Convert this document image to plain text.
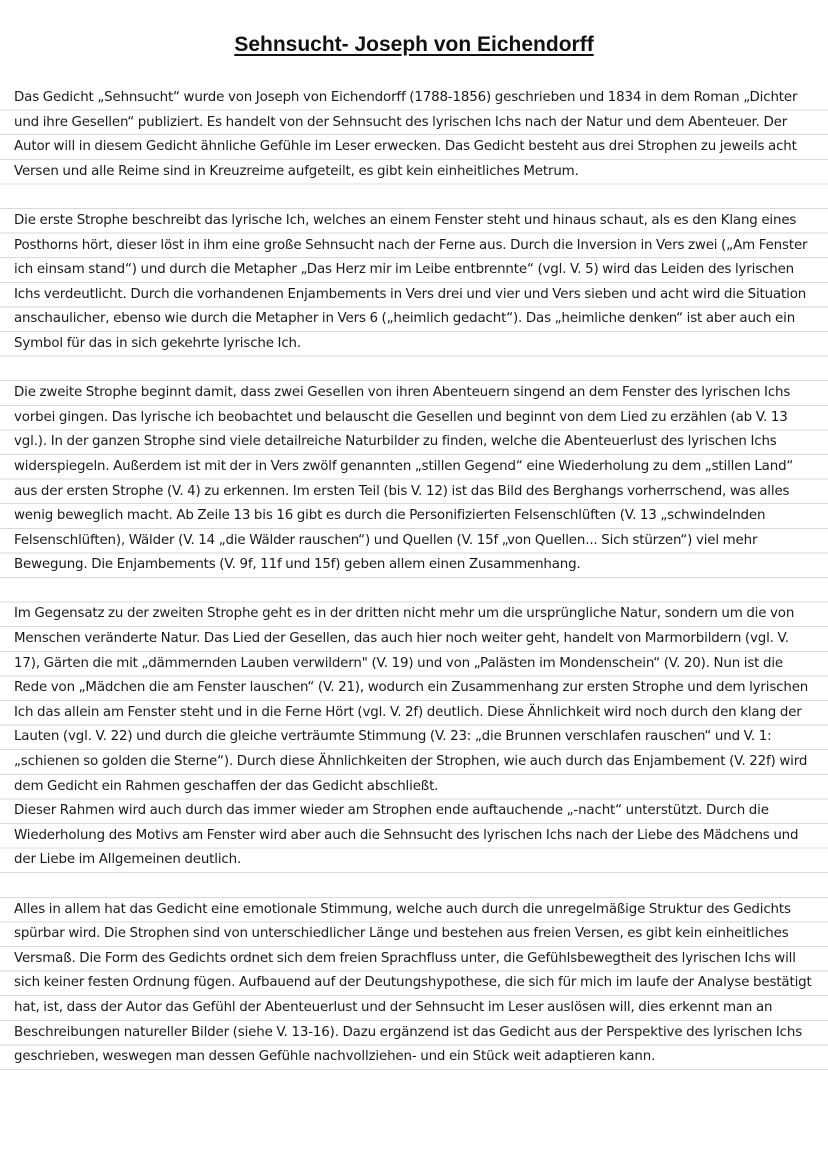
Sehnsucht- Joseph von Eichendorff

Das Gedicht „Sehnsucht“ wurde von Joseph von Eichendorff (1788-1856) geschrieben und 1834 in dem Roman „Dichter und ihre Gesellen“ publiziert. Es handelt von der Sehnsucht des lyrischen Ichs nach der Natur und dem Abenteuer. Der Autor will in diesem Gedicht ähnliche Gefühle im Leser erwecken. Das Gedicht besteht aus drei Strophen zu jeweils acht Versen und alle Reime sind in Kreuzreime aufgeteilt, es gibt kein einheitliches Metrum.

Die erste Strophe beschreibt das lyrische Ich, welches an einem Fenster steht und hinaus schaut, als es den Klang eines Posthorns hört, dieser löst in ihm eine große Sehnsucht nach der Ferne aus. Durch die Inversion in Vers zwei („Am Fenster ich einsam stand“) und durch die Metapher „Das Herz mir im Leibe entbrennte“ (vgl. V. 5) wird das Leiden des lyrischen Ichs verdeutlicht. Durch die vorhandenen Enjambements in Vers drei und vier und Vers sieben und acht wird die Situation anschaulicher, ebenso wie durch die Metapher in Vers 6 („heimlich gedacht“). Das „heimliche denken“ ist aber auch ein Symbol für das in sich gekehrte lyrische Ich.

Die zweite Strophe beginnt damit, dass zwei Gesellen von ihren Abenteuern singend an dem Fenster des lyrischen Ichs vorbei gingen. Das lyrische ich beobachtet und belauscht die Gesellen und beginnt von dem Lied zu erzählen (ab V. 13 vgl.). In der ganzen Strophe sind viele detailreiche Naturbilder zu finden, welche die Abenteuerlust des lyrischen Ichs widerspiegeln. Außerdem ist mit der in Vers zwölf genannten „stillen Gegend“ eine Wiederholung zu dem „stillen Land“ aus der ersten Strophe (V. 4) zu erkennen. Im ersten Teil (bis V. 12) ist das Bild des Berghangs vorherrschend, was alles wenig beweglich macht. Ab Zeile 13 bis 16 gibt es durch die Personifizierten Felsenschlüften (V. 13 „schwindelnden Felsenschlüften), Wälder (V. 14 „die Wälder rauschen“) und Quellen (V. 15f „von Quellen... Sich stürzen“) viel mehr Bewegung. Die Enjambements (V. 9f, 11f und 15f) geben allem einen Zusammenhang.

Im Gegensatz zu der zweiten Strophe geht es in der dritten nicht mehr um die ursprüngliche Natur, sondern um die von Menschen veränderte Natur. Das Lied der Gesellen, das auch hier noch weiter geht, handelt von Marmorbildern (vgl. V. 17), Gärten die mit „dämmernden Lauben verwildern" (V. 19) und von „Palästen im Mondenschein“ (V. 20). Nun ist die Rede von „Mädchen die am Fenster lauschen“ (V. 21), wodurch ein Zusammenhang zur ersten Strophe und dem lyrischen Ich das allein am Fenster steht und in die Ferne Hört (vgl. V. 2f) deutlich. Diese Ähnlichkeit wird noch durch den klang der Lauten (vgl. V. 22) und durch die gleiche verträumte Stimmung (V. 23: „die Brunnen verschlafen rauschen“ und V. 1: „schienen so golden die Sterne“). Durch diese Ähnlichkeiten der Strophen, wie auch durch das Enjambement (V. 22f) wird dem Gedicht ein Rahmen geschaffen der das Gedicht abschließt.

Dieser Rahmen wird auch durch das immer wieder am Strophen ende auftauchende „-nacht“ unterstützt. Durch die Wiederholung des Motivs am Fenster wird aber auch die Sehnsucht des lyrischen Ichs nach der Liebe des Mädchens und der Liebe im Allgemeinen deutlich.

Alles in allem hat das Gedicht eine emotionale Stimmung, welche auch durch die unregelmäßige Struktur des Gedichts spürbar wird. Die Strophen sind von unterschiedlicher Länge und bestehen aus freien Versen, es gibt kein einheitliches Versmaß. Die Form des Gedichts ordnet sich dem freien Sprachfluss unter, die Gefühlsbewegtheit des lyrischen Ichs will sich keiner festen Ordnung fügen. Aufbauend auf der Deutungshypothese, die sich für mich im laufe der Analyse bestätigt hat, ist, dass der Autor das Gefühl der Abenteuerlust und der Sehnsucht im Leser auslösen will, dies erkennt man an Beschreibungen natureller Bilder (siehe V. 13-16). Dazu ergänzend ist das Gedicht aus der Perspektive des lyrischen Ichs geschrieben, weswegen man dessen Gefühle nachvollziehen- und ein Stück weit adaptieren kann.
